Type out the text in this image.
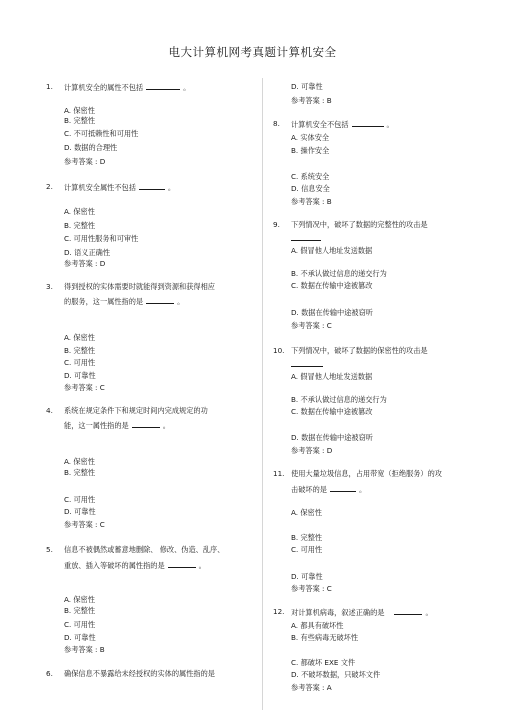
电大计算机网考真题计算机安全
1. 计算机安全的属性不包括	。
A. 保密性
B. 完整性
C. 不可抵赖性和可用性
D. 数据的合理性
参考答案 : D
2. 计算机安全属性不包括	。
A. 保密性
B. 完整性
C. 可用性服务和可审性
D. 语义正确性
参考答案 : D
3. 得到授权的实体需要时就能得到资源和获得相应
的服务，这一属性指的是	。
A. 保密性
B. 完整性
C. 可用性
D. 可靠性
参考答案 : C
4. 系统在规定条件下和规定时间内完成规定的功
能，这一属性指的是	。
A. 保密性
B. 完整性
C. 可用性
D. 可靠性
参考答案 : C
5. 信息不被偶然或蓄意地删除、 修改、伪造、乱序、
重放、插入等破坏的属性指的是	。
A. 保密性
B. 完整性
C. 可用性
D. 可靠性
参考答案 : B
6. 确保信息不暴露给未经授权的实体的属性指的是
D. 可靠性
参考答案 : B
8. 计算机安全不包括	。
A. 实体安全
B. 操作安全
C. 系统安全
D. 信息安全
参考答案 : B
9. 下列情况中，破坏了数据的完整性的攻击是
A. 假冒他人地址发送数据
B. 不承认做过信息的递交行为
C. 数据在传输中途被篡改
D. 数据在传输中途被窃听
参考答案 : C
10. 下列情况中，破坏了数据的保密性的攻击是
A. 假冒他人地址发送数据
B. 不承认做过信息的递交行为
C. 数据在传输中途被篡改
D. 数据在传输中途被窃听
参考答案 : D
11. 使用大量垃圾信息，占用带宽（拒绝服务）的攻
击破坏的是	。
A. 保密性
B. 完整性
C. 可用性
D. 可靠性
参考答案 : C
12. 对计算机病毒，叙述正确的是	。
A. 都具有破坏性
B. 有些病毒无破坏性
C. 都破坏 EXE 文件
D. 不破坏数据，只破坏文件
参考答案 : A
